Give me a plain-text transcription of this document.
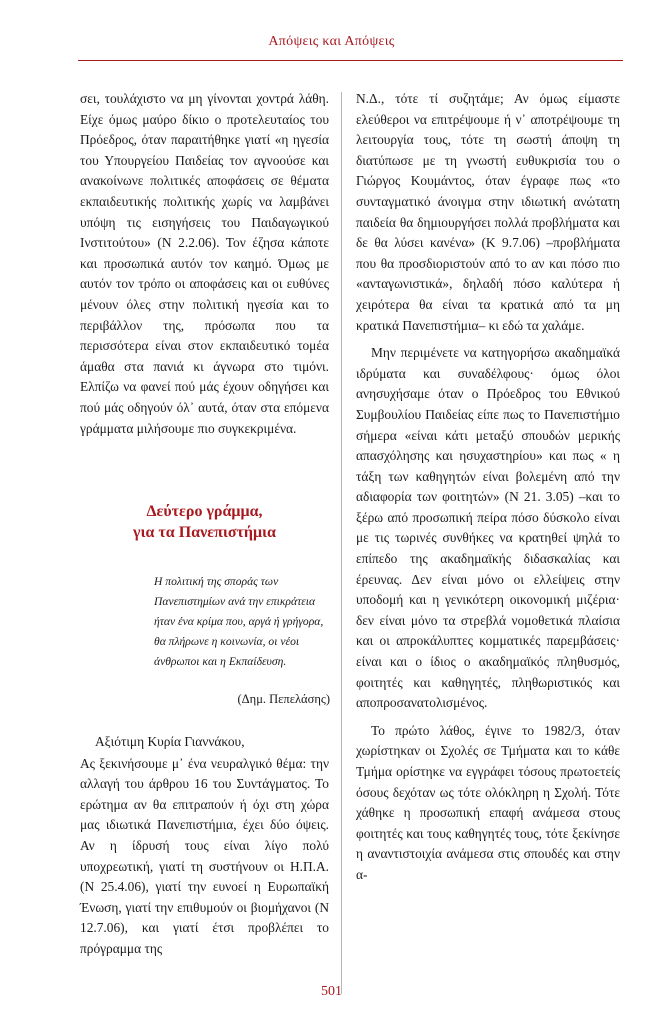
Απόψεις και Απόψεις

σει, τουλάχιστο να μη γίνονται χοντρά λάθη. Είχε όμως μαύρο δίκιο ο προτελευταίος του Πρόεδρος, όταν παραιτήθηκε γιατί «η ηγεσία του Υπουργείου Παιδείας τον αγνοούσε και ανακοίνωνε πολιτικές αποφάσεις σε θέματα εκπαιδευτικής πολιτικής χωρίς να λαμβάνει υπόψη τις εισηγήσεις του Παιδαγωγικού Ινστιτούτου» (Ν 2.2.06). Τον έζησα κάποτε και προσωπικά αυτόν τον καημό. Όμως με αυτόν τον τρόπο οι αποφάσεις και οι ευθύνες μένουν όλες στην πολιτική ηγεσία και το περιβάλλον της, πρόσωπα που τα περισσότερα είναι στον εκπαιδευτικό τομέα άμαθα στα πανιά κι άγνωρα στο τιμόνι. Ελπίζω να φανεί πού μάς έχουν οδηγήσει και πού μάς οδηγούν όλ᾽ αυτά, όταν στα επόμενα γράμματα μιλήσουμε πιο συγκεκριμένα.

Δεύτερο γράμμα,
για τα Πανεπιστήμια
Η πολιτική της σποράς των Πανεπιστημίων ανά την επικράτεια ήταν ένα κρίμα που, αργά ή γρήγορα, θα πλήρωνε η κοινωνία, οι νέοι άνθρωποι και η Εκπαίδευση.
(Δημ. Πεπελάσης)

Αξιότιμη Κυρία Γιαννάκου,

Ας ξεκινήσουμε μ᾽ ένα νευραλγικό θέμα: την αλλαγή του άρθρου 16 του Συντάγματος. Το ερώτημα αν θα επιτραπούν ή όχι στη χώρα μας ιδιωτικά Πανεπιστήμια, έχει δύο όψεις. Αν η ίδρυσή τους είναι λίγο πολύ υποχρεωτική, γιατί τη συστήνουν οι Η.Π.Α. (Ν 25.4.06), γιατί την ευνοεί η Ευρωπαϊκή Ένωση, γιατί την επιθυμούν οι βιομήχανοι (Ν 12.7.06), και γιατί έτσι προβλέπει το πρόγραμμα της

Ν.Δ., τότε τί συζητάμε; Αν όμως είμαστε ελεύθεροι να επιτρέψουμε ή ν᾽ αποτρέψουμε τη λειτουργία τους, τότε τη σωστή άποψη τη διατύπωσε με τη γνωστή ευθυκρισία του ο Γιώργος Κουμάντος, όταν έγραφε πως «το συνταγματικό άνοιγμα στην ιδιωτική ανώτατη παιδεία θα δημιουργήσει πολλά προβλήματα και δε θα λύσει κανένα» (Κ 9.7.06) –προβλήματα που θα προσδιοριστούν από το αν και πόσο πιο «ανταγωνιστικά», δηλαδή πόσο καλύτερα ή χειρότερα θα είναι τα κρατικά από τα μη κρατικά Πανεπιστήμια– κι εδώ τα χαλάμε.

Μην περιμένετε να κατηγορήσω ακαδημαϊκά ιδρύματα και συναδέλφους· όμως όλοι ανησυχήσαμε όταν ο Πρόεδρος του Εθνικού Συμβουλίου Παιδείας είπε πως το Πανεπιστήμιο σήμερα «είναι κάτι μεταξύ σπουδών μερικής απασχόλησης και ησυχαστηρίου» και πως « η τάξη των καθηγητών είναι βολεμένη από την αδιαφορία των φοιτητών» (Ν 21. 3.05) –και το ξέρω από προσωπική πείρα πόσο δύσκολο είναι με τις τωρινές συνθήκες να κρατηθεί ψηλά το επίπεδο της ακαδημαϊκής διδασκαλίας και έρευνας. Δεν είναι μόνο οι ελλείψεις στην υποδομή και η γενικότερη οικονομική μιζέρια· δεν είναι μόνο τα στρεβλά νομοθετικά πλαίσια και οι απροκάλυπτες κομματικές παρεμβάσεις· είναι και ο ίδιος ο ακαδημαϊκός πληθυσμός, φοιτητές και καθηγητές, πληθωριστικός και αποπροσανατολισμένος.

Το πρώτο λάθος, έγινε το 1982/3, όταν χωρίστηκαν οι Σχολές σε Τμήματα και το κάθε Τμήμα ορίστηκε να εγγράφει τόσους πρωτοετείς όσους δεχόταν ως τότε ολόκληρη η Σχολή. Τότε χάθηκε η προσωπική επαφή ανάμεσα στους φοιτητές και τους καθηγητές τους, τότε ξεκίνησε η αναντιστοιχία ανάμεσα στις σπουδές και στην α-

501
